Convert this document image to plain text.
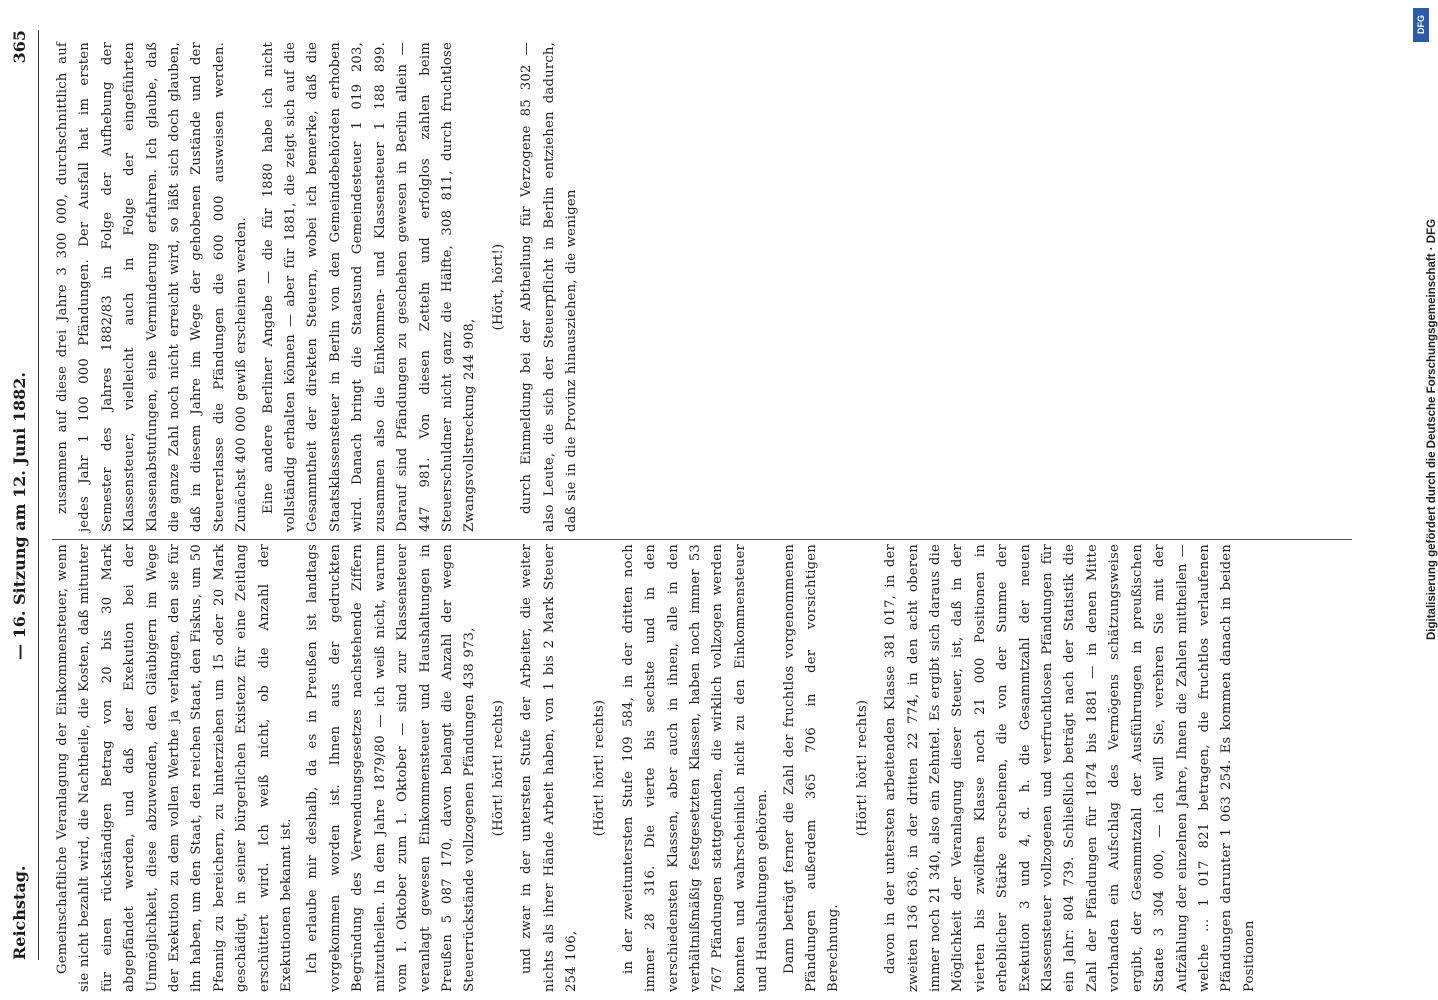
Reichstag.
— 16. Sitzung am 12. Juni 1882.
365

Gemeinschaftliche Veranlagung der Einkommensteuer, wenn sie nicht bezahlt wird, die Nachtheile, die Kosten, daß mitunter für einen rückständigen Betrag von 20 bis 30 Mark abgepfändet werden, und daß der Exekution bei der Unmöglichkeit, diese abzuwenden, den Gläubigern im Wege der Exekution zu dem vollen Werthe ja verlangen, den sie für ihn haben, um den Staat, den reichen Staat, den Fiskus, um 50 Pfennig zu bereichern, zu hinterziehen um 15 oder 20 Mark geschädigt, in seiner bürgerlichen Existenz für eine Zeitlang erschüttert wird. Ich weiß nicht, ob die Anzahl der Exekutionen bekannt ist. Ich erlaube mir deshalb, da es in Preußen ist landtags vorgekommen worden ist. Ihnen aus der gedruckten Begründung des Verwendungsgesetzes nachstehende Ziffern mitzutheilen. In dem Jahre 1879/80 — ich weiß nicht, warum vom 1. Oktober zum 1. Oktober — sind zur Klassensteuer veranlagt gewesen Einkommensteuer und Haushaltungen in Preußen 5 087 170, davon belangt die Anzahl der wegen Steuerrückstände vollzogenen Pfändungen 438 973,	(Hört! hört! rechts)	und zwar in der untersten Stufe der Arbeiter, die weiter nichts als ihrer Hände Arbeit haben, von 1 bis 2 Mark Steuer 254 106,

(Hört! hört! rechts)	in der zweituntersten Stufe 109 584, in der dritten noch immer 28 316. Die vierte bis sechste und in den verschiedensten Klassen, aber auch in ihnen, alle in den verhältnißmäßig festgesetzten Klassen, haben noch immer 53 767 Pfändungen stattgefunden, die wirklich vollzogen werden konnten und wahrscheinlich nicht zu den Einkommensteuer und Haushaltungen gehören. Dann beträgt ferner die Zahl der fruchtlos vorgenommenen Pfändungen außerdem 365 706 in der vorsichtigen Berechnung.

(Hört! hört! rechts)	davon in der untersten arbeitenden Klasse 381 017, in der zweiten 136 636, in der dritten 22 774, in den acht oberen immer noch 21 340, also ein Zehntel. Es ergibt sich daraus die Möglichkeit der Veranlagung dieser Steuer, ist, daß in der vierten bis zwölften Klasse noch 21 000 Positionen in erheblicher Stärke erscheinen, die von der Summe der Exekution 3 und 4, d. h. die Gesammtzahl der neuen Klassensteuer vollzogenen und verfruchtlosen Pfändungen für ein Jahr: 804 739. Schließlich beträgt nach der Statistik die Zahl der Pfändungen für 1874 bis 1881 — in denen Mitte vorhanden ein Aufschlag des Vermögens schätzungsweise ergibt, der Gesammtzahl der Ausführungen in preußischen Staate 3 304 000, — ich will Sie, verehren Sie mit der Aufzählung der einzelnen Jahre, Ihnen die Zahlen mittheilen — welche ... 1 017 821 betragen, die fruchtlos verlaufenen Pfändungen darunter 1 063 254. Es kommen danach in beiden Positionen

zusammen auf diese drei Jahre 3 300 000, durchschnittlich auf jedes Jahr 1 100 000 Pfändungen. Der Ausfall hat im ersten Semester des Jahres 1882/83 in Folge der Aufhebung der Klassensteuer, vielleicht auch in Folge der eingeführten Klassenabstufungen, eine Verminderung erfahren. Ich glaube, daß die ganze Zahl noch nicht erreicht wird, so läßt sich doch glauben, daß in diesem Jahre im Wege der gehobenen Zustände und der Steuererlasse die Pfändungen die 600 000 ausweisen werden. Zunächst 400 000 gewiß erscheinen werden. Eine andere Berliner Angabe — die für 1880 habe ich nicht vollständig erhalten können — aber für 1881, die zeigt sich auf die Gesammtheit der direkten Steuern, wobei ich bemerke, daß die Staatsklassensteuer in Berlin von den Gemeindebehörden erhoben wird. Danach bringt die Staatsund Gemeindesteuer 1 019 203, zusammen also die Einkommen- und Klassensteuer 1 188 899. Darauf sind Pfändungen zu geschehen gewesen in Berlin allein — 447 981. Von diesen Zetteln und erfolglos zahlen beim Steuerschuldner nicht ganz die Hälfte, 308 811, durch fruchtlose Zwangsvollstreckung 244 908,

(Hört, hört!)	durch Einmeldung bei der Abtheilung für Verzogene 85 302 — also Leute, die sich der Steuerpflicht in Berlin entziehen dadurch, daß sie in die Provinz hinausziehen, die wenigen

DFG
Digitalisierung gefördert durch die Deutsche Forschungsgemeinschaft · DFG
